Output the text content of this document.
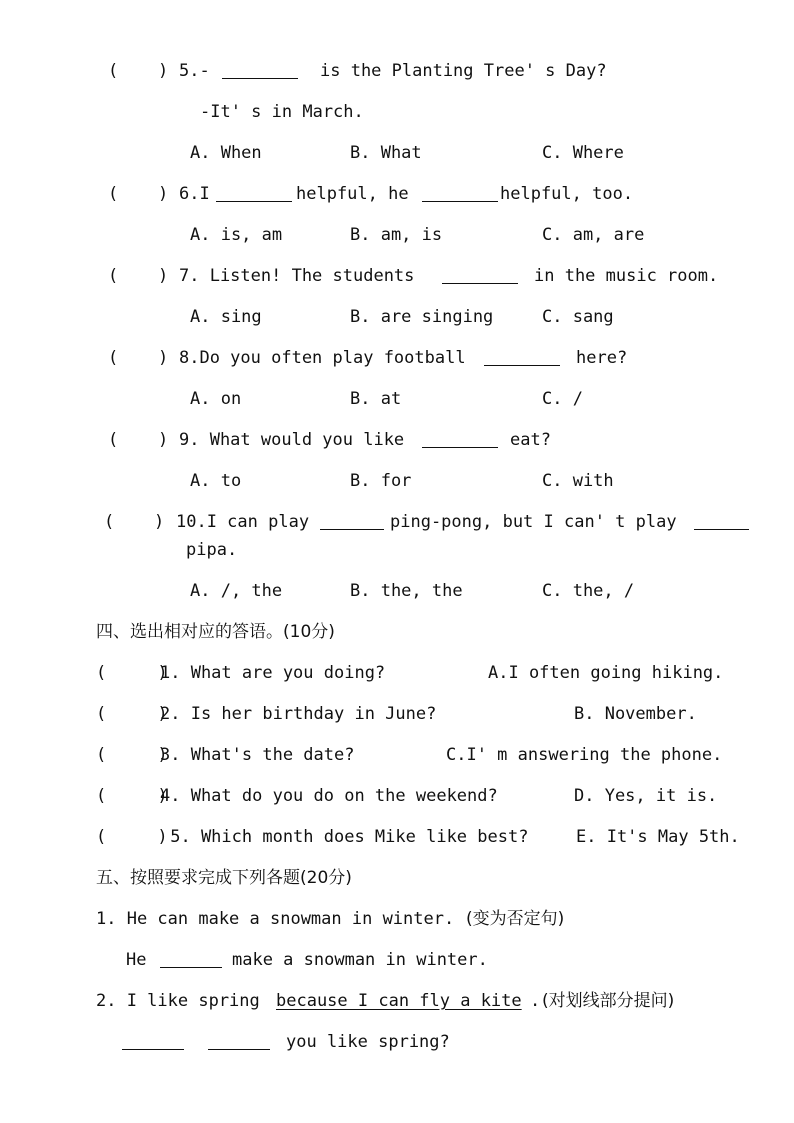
( ) 5.-	is the Planting Tree' s Day?
-It' s in March.
A. When	B. What	C. Where
( ) 6.I	helpful, he	helpful, too.
A. is, am	B. am, is	C. am, are
( ) 7. Listen! The students	in the music room.
A. sing	B. are singing	C. sang
( ) 8.Do you often play football	here?
A. on	B. at	C. /
( ) 9. What would you like	eat?
A. to	B. for	C. with
( ) 10.I can play	ping-pong, but I can' t play
pipa.
A. /, the	B. the, the	C. the, /
四、选出相对应的答语。(10分)
(     )
1. What are you doing?	A.I often going hiking.
(     )
2. Is her birthday in June?	B. November.
(     )
3. What's the date?	C.I' m answering the phone.
(     )
4. What do you do on the weekend?	D. Yes, it is.
(     )
5. Which month does Mike like best?	E. It's May 5th.
五、按照要求完成下列各题(20分)
1. He can make a snowman in winter. (变为否定句)
He	make a snowman in winter.
2. I like spring because I can fly a kite . (对划线部分提问)
you like spring?
